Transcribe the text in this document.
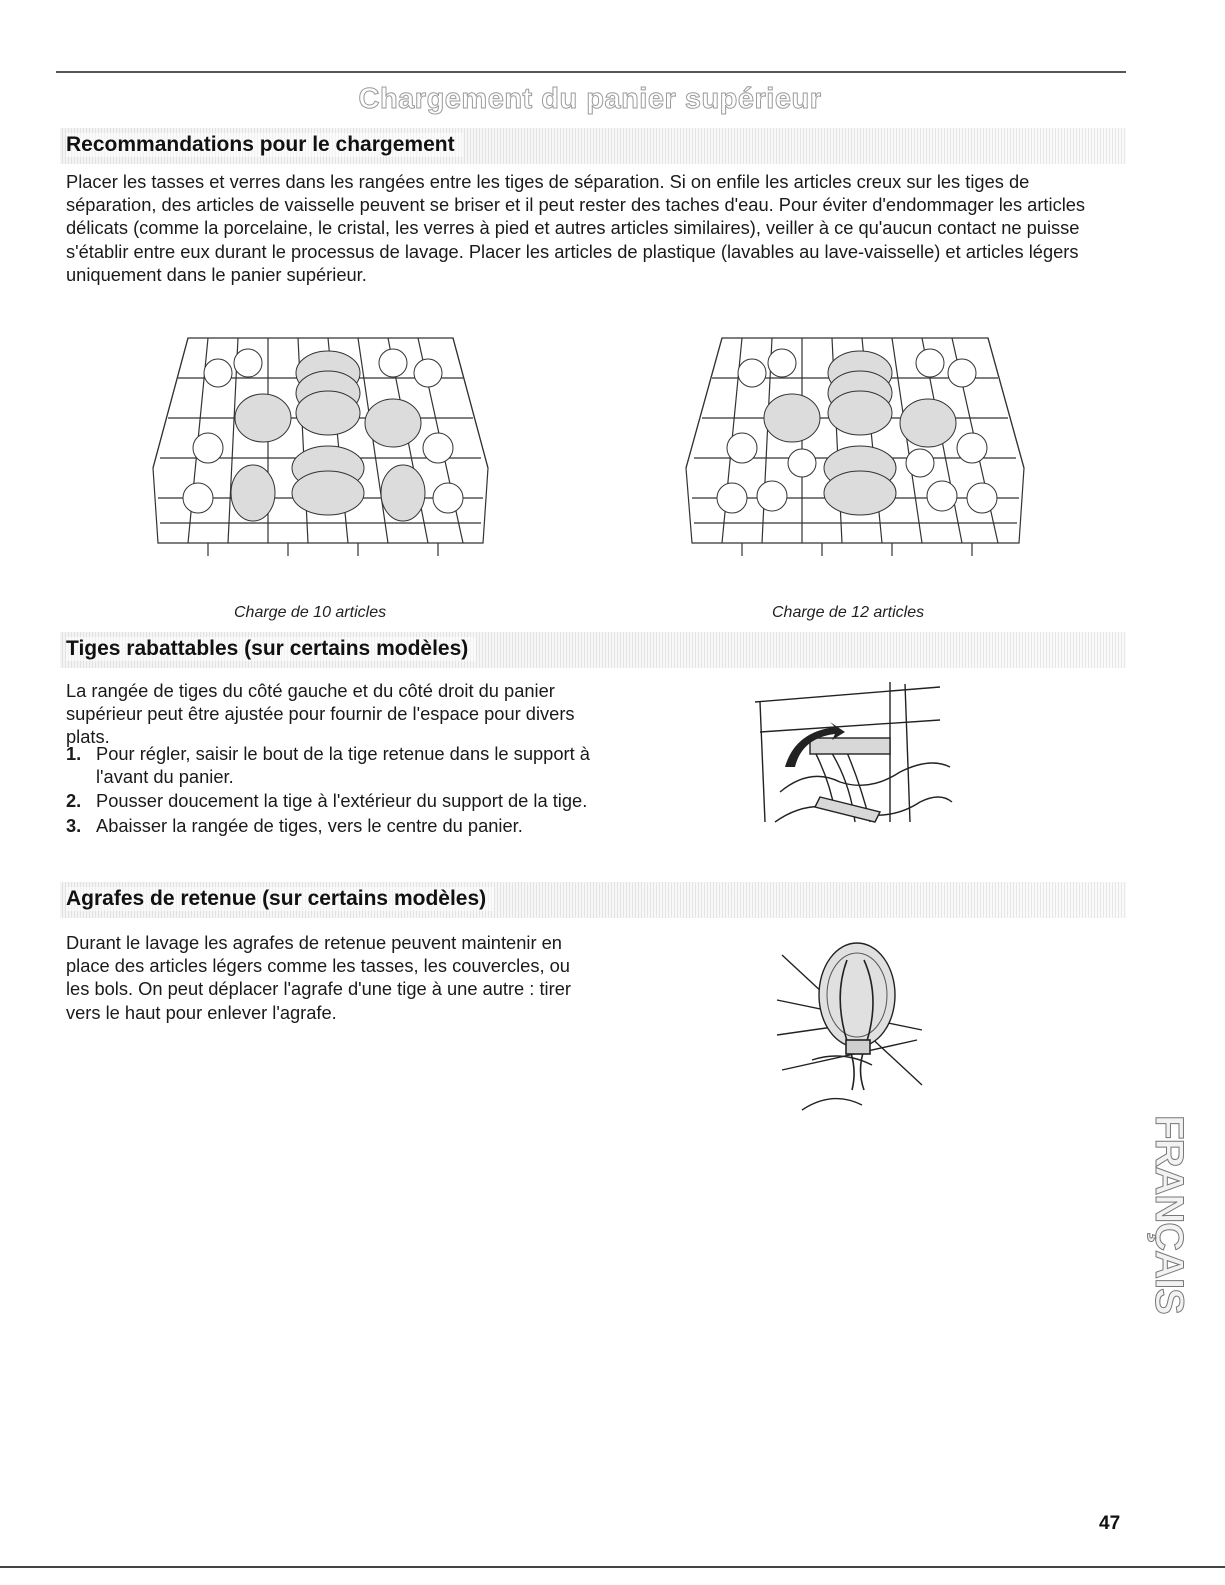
Chargement du panier supérieur
Recommandations pour le chargement

Placer les tasses et verres dans les rangées entre les tiges de séparation. Si on enfile les articles creux sur les tiges de séparation, des articles de vaisselle peuvent se briser et il peut rester des taches d'eau. Pour éviter d'endommager les articles délicats (comme la porcelaine, le cristal, les verres à pied et autres articles similaires), veiller à ce qu'aucun contact ne puisse s'établir entre eux durant le processus de lavage. Placer les articles de plastique (lavables au lave-vaisselle) et articles légers uniquement dans le panier supérieur.

Charge de 10 articles	Charge de 12 articles
Tiges rabattables (sur certains modèles)

La rangée de tiges du côté gauche et du côté droit du panier supérieur peut être ajustée pour fournir de l'espace pour divers plats.

1. Pour régler, saisir le bout de la tige retenue dans le support à l'avant du panier.
2. Pousser doucement la tige à l'extérieur du support de la tige.
3. Abaisser la rangée de tiges, vers le centre du panier.
Agrafes de retenue (sur certains modèles)

Durant le lavage les agrafes de retenue peuvent maintenir en place des articles légers comme les tasses, les couvercles, ou les bols. On peut déplacer l'agrafe d'une tige à une autre : tirer vers le haut pour enlever l'agrafe.

FRANÇAIS
47
